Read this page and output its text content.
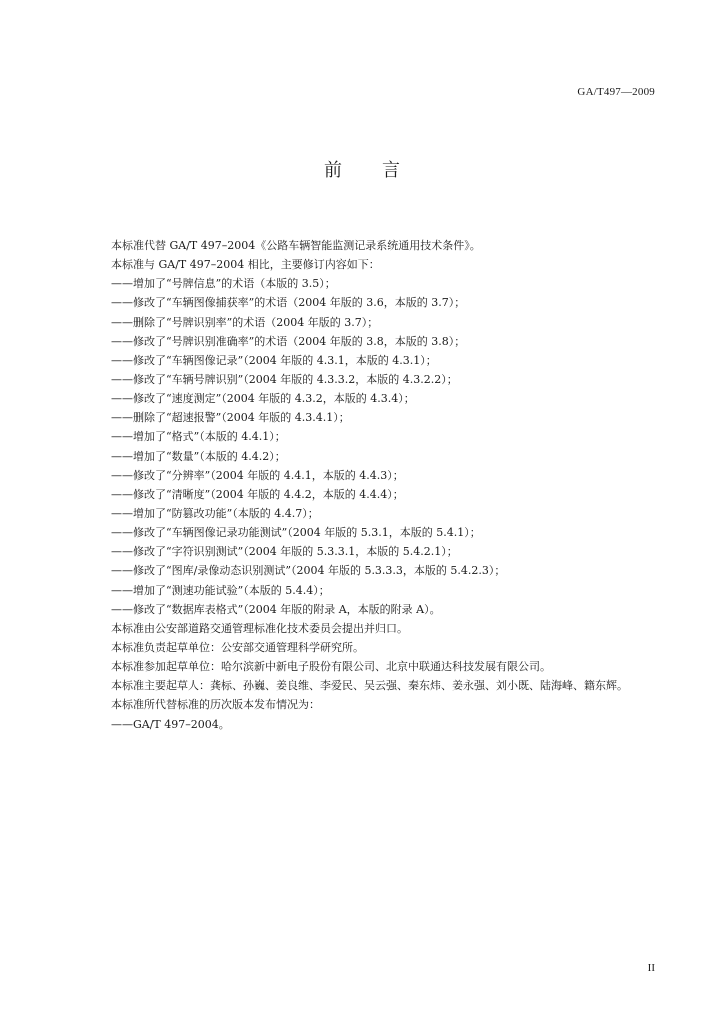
GA/T497—2009
前言
本标准代替 GA/T 497–2004《公路车辆智能监测记录系统通用技术条件》。
本标准与 GA/T 497–2004 相比，主要修订内容如下：
——增加了“号牌信息”的术语（本版的 3.5）；
——修改了“车辆图像捕获率”的术语（2004 年版的 3.6，本版的 3.7）；
——删除了“号牌识别率”的术语（2004 年版的 3.7）；
——修改了“号牌识别准确率”的术语（2004 年版的 3.8，本版的 3.8）；
——修改了“车辆图像记录”（2004 年版的 4.3.1，本版的 4.3.1）；
——修改了“车辆号牌识别”（2004 年版的 4.3.3.2，本版的 4.3.2.2）；
——修改了“速度测定”（2004 年版的 4.3.2，本版的 4.3.4）；
——删除了“超速报警”（2004 年版的 4.3.4.1）；
——增加了“格式”（本版的 4.4.1）；
——增加了“数量”（本版的 4.4.2）；
——修改了“分辨率”（2004 年版的 4.4.1，本版的 4.4.3）；
——修改了“清晰度”（2004 年版的 4.4.2，本版的 4.4.4）；
——增加了“防篡改功能”（本版的 4.4.7）；
——修改了“车辆图像记录功能测试”（2004 年版的 5.3.1，本版的 5.4.1）；
——修改了“字符识别测试”（2004 年版的 5.3.3.1，本版的 5.4.2.1）；
——修改了“图库/录像动态识别测试”（2004 年版的 5.3.3.3，本版的 5.4.2.3）；
——增加了“测速功能试验”（本版的 5.4.4）；
——修改了“数据库表格式”（2004 年版的附录 A，本版的附录 A）。
本标准由公安部道路交通管理标准化技术委员会提出并归口。
本标准负责起草单位：公安部交通管理科学研究所。
本标准参加起草单位：哈尔滨新中新电子股份有限公司、北京中联通达科技发展有限公司。
本标准主要起草人：龚标、孙巍、姜良维、李爱民、吴云强、秦东炜、姜永强、刘小既、陆海峰、籍东辉。
本标准所代替标准的历次版本发布情况为：
——GA/T 497–2004。
II
